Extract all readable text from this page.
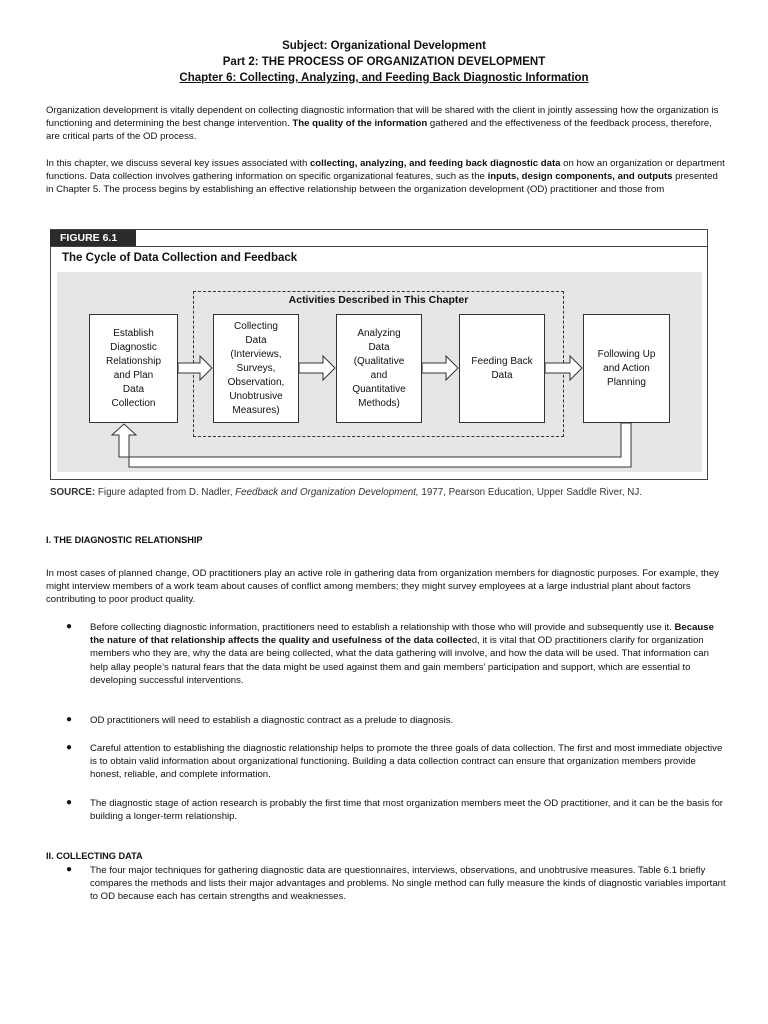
Subject: Organizational Development
Part 2: THE PROCESS OF ORGANIZATION DEVELOPMENT
Chapter 6: Collecting, Analyzing, and Feeding Back Diagnostic Information
Organization development is vitally dependent on collecting diagnostic information that will be shared with the client in jointly assessing how the organization is functioning and determining the best change intervention. The quality of the information gathered and the effectiveness of the feedback process, therefore, are critical parts of the OD process.
In this chapter, we discuss several key issues associated with collecting, analyzing, and feeding back diagnostic data on how an organization or department functions. Data collection involves gathering information on specific organizational features, such as the inputs, design components, and outputs presented in Chapter 5. The process begins by establishing an effective relationship between the organization development (OD) practitioner and those from
FIGURE 6.1
The Cycle of Data Collection and Feedback
Activities Described in This Chapter
Establish
Diagnostic
Relationship
and Plan
Data
Collection
Collecting
Data
(Interviews,
Surveys,
Observation,
Unobtrusive
Measures)
Analyzing
Data
(Qualitative
and
Quantitative
Methods)
Feeding Back
Data
Following Up
and Action
Planning
SOURCE: Figure adapted from D. Nadler, Feedback and Organization Development, 1977, Pearson Education, Upper Saddle River, NJ.
I. THE DIAGNOSTIC RELATIONSHIP
In most cases of planned change, OD practitioners play an active role in gathering data from organization members for diagnostic purposes. For example, they might interview members of a work team about causes of conflict among members; they might survey employees at a large industrial plant about factors contributing to poor product quality.
● Before collecting diagnostic information, practitioners need to establish a relationship with those who will provide and subsequently use it. Because the nature of that relationship affects the quality and usefulness of the data collected, it is vital that OD practitioners clarify for organization members who they are, why the data are being collected, what the data gathering will involve, and how the data will be used. That information can help allay people’s natural fears that the data might be used against them and gain members’ participation and support, which are essential to developing successful interventions.
● OD practitioners will need to establish a diagnostic contract as a prelude to diagnosis.
● Careful attention to establishing the diagnostic relationship helps to promote the three goals of data collection. The first and most immediate objective is to obtain valid information about organizational functioning. Building a data collection contract can ensure that organization members provide honest, reliable, and complete information.
● The diagnostic stage of action research is probably the first time that most organization members meet the OD practitioner, and it can be the basis for building a longer-term relationship.
II. COLLECTING DATA
● The four major techniques for gathering diagnostic data are questionnaires, interviews, observations, and unobtrusive measures. Table 6.1 briefly compares the methods and lists their major advantages and problems. No single method can fully measure the kinds of diagnostic variables important to OD because each has certain strengths and weaknesses.
